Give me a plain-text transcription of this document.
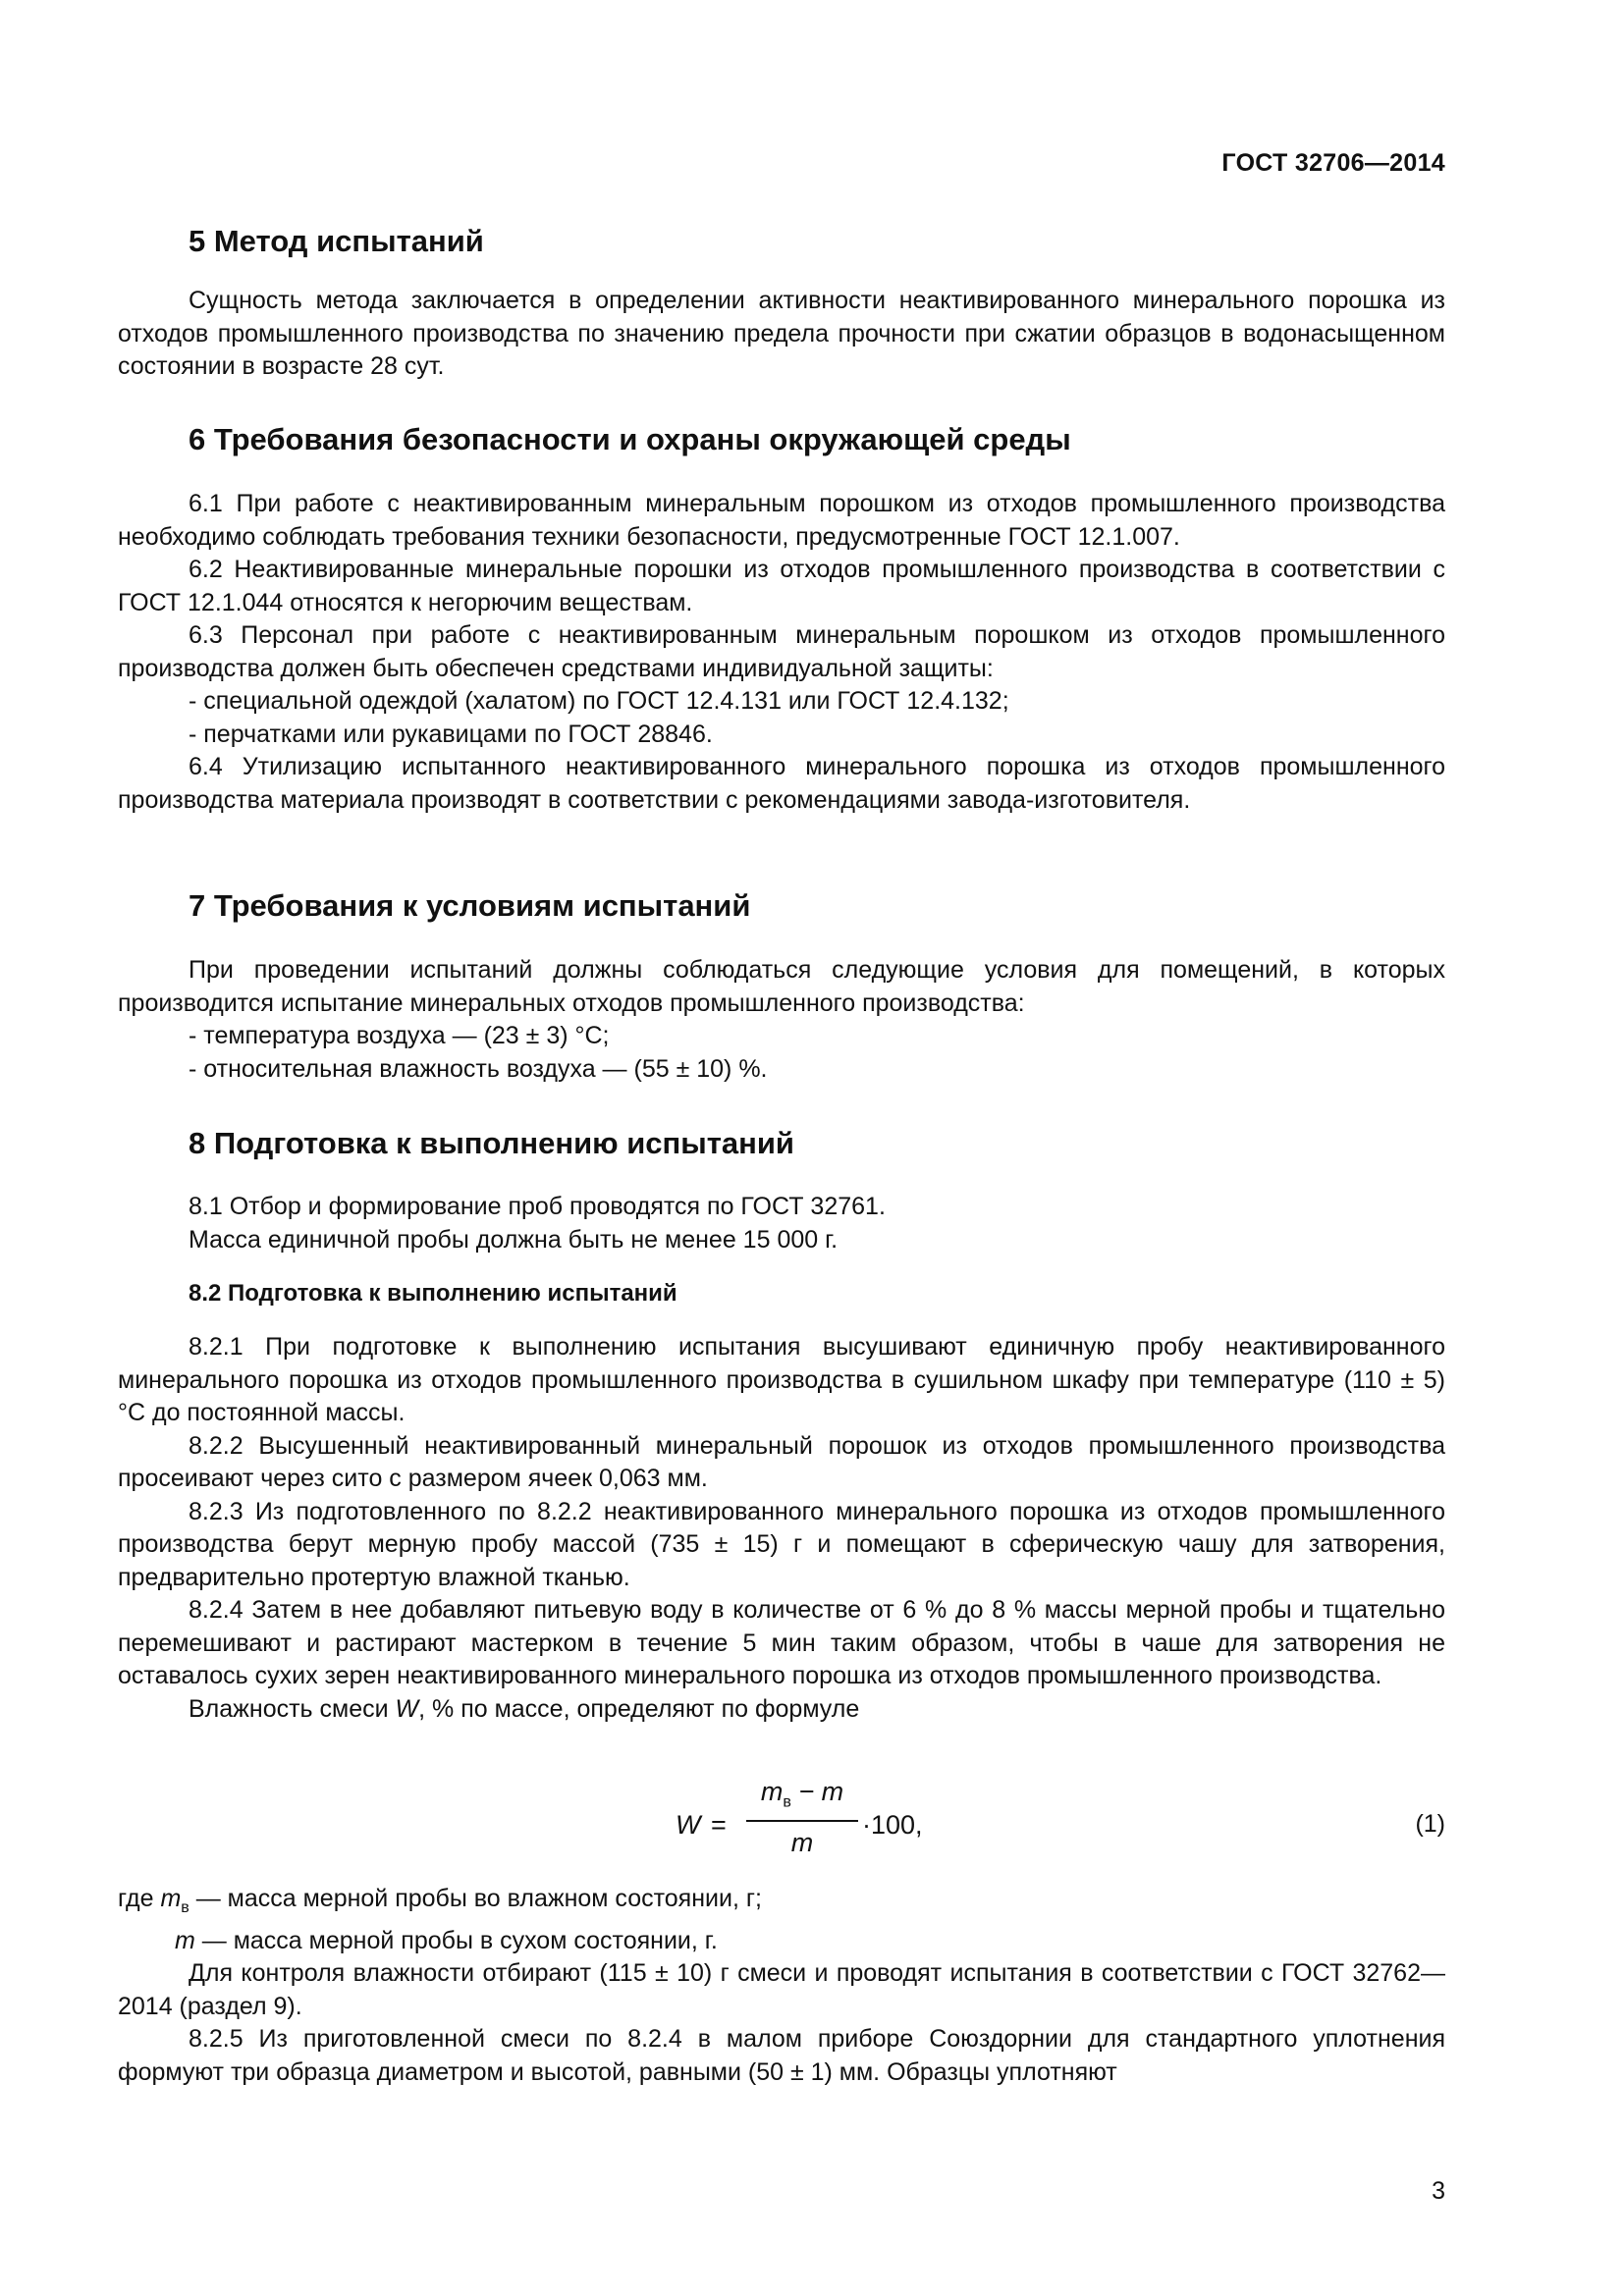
ГОСТ 32706—2014
5 Метод испытаний

Сущность метода заключается в определении активности неактивированного минерального порошка из отходов промышленного производства по значению предела прочности при сжатии образцов в водонасыщенном состоянии в возрасте 28 сут.

6 Требования безопасности и охраны окружающей среды

6.1 При работе с неактивированным минеральным порошком из отходов промышленного производства необходимо соблюдать требования техники безопасности, предусмотренные ГОСТ 12.1.007.

6.2 Неактивированные минеральные порошки из отходов промышленного производства в соответствии с ГОСТ 12.1.044 относятся к негорючим веществам.

6.3 Персонал при работе с неактивированным минеральным порошком из отходов промышленного производства должен быть обеспечен средствами индивидуальной защиты:

- специальной одеждой (халатом) по ГОСТ 12.4.131 или ГОСТ 12.4.132;

- перчатками или рукавицами по ГОСТ 28846.

6.4 Утилизацию испытанного неактивированного минерального порошка из отходов промышленного производства материала производят в соответствии с рекомендациями завода-изготовителя.

7 Требования к условиям испытаний

При проведении испытаний должны соблюдаться следующие условия для помещений, в которых производится испытание минеральных отходов промышленного производства:

- температура воздуха — (23 ± 3) °С;

- относительная влажность воздуха — (55 ± 10) %.

8 Подготовка к выполнению испытаний

8.1 Отбор и формирование проб проводятся по ГОСТ 32761.

Масса единичной пробы должна быть не менее 15 000 г.

8.2 Подготовка к выполнению испытаний

8.2.1 При подготовке к выполнению испытания высушивают единичную пробу неактивированного минерального порошка из отходов промышленного производства в сушильном шкафу при температуре (110 ± 5) °С до постоянной массы.

8.2.2 Высушенный неактивированный минеральный порошок из отходов промышленного производства просеивают через сито с размером ячеек 0,063 мм.

8.2.3 Из подготовленного по 8.2.2 неактивированного минерального порошка из отходов промышленного производства берут мерную пробу массой (735 ± 15) г и помещают в сферическую чашу для затворения, предварительно протертую влажной тканью.

8.2.4 Затем в нее добавляют питьевую воду в количестве от 6 % до 8 % массы мерной пробы и тщательно перемешивают и растирают мастерком в течение 5 мин таким образом, чтобы в чаше для затворения не оставалось сухих зерен неактивированного минерального порошка из отходов промышленного производства.

Влажность смеси W, % по массе, определяют по формуле

W =
$m_в - m$
m
·100,	(1)

где $m_в$ — масса мерной пробы во влажном состоянии, г;

m — масса мерной пробы в сухом состоянии, г.

Для контроля влажности отбирают (115 ± 10) г смеси и проводят испытания в соответствии с ГОСТ 32762—2014 (раздел 9).

8.2.5 Из приготовленной смеси по 8.2.4 в малом приборе Союздорнии для стандартного уплотнения формуют три образца диаметром и высотой, равными (50 ± 1) мм. Образцы уплотняют

3
